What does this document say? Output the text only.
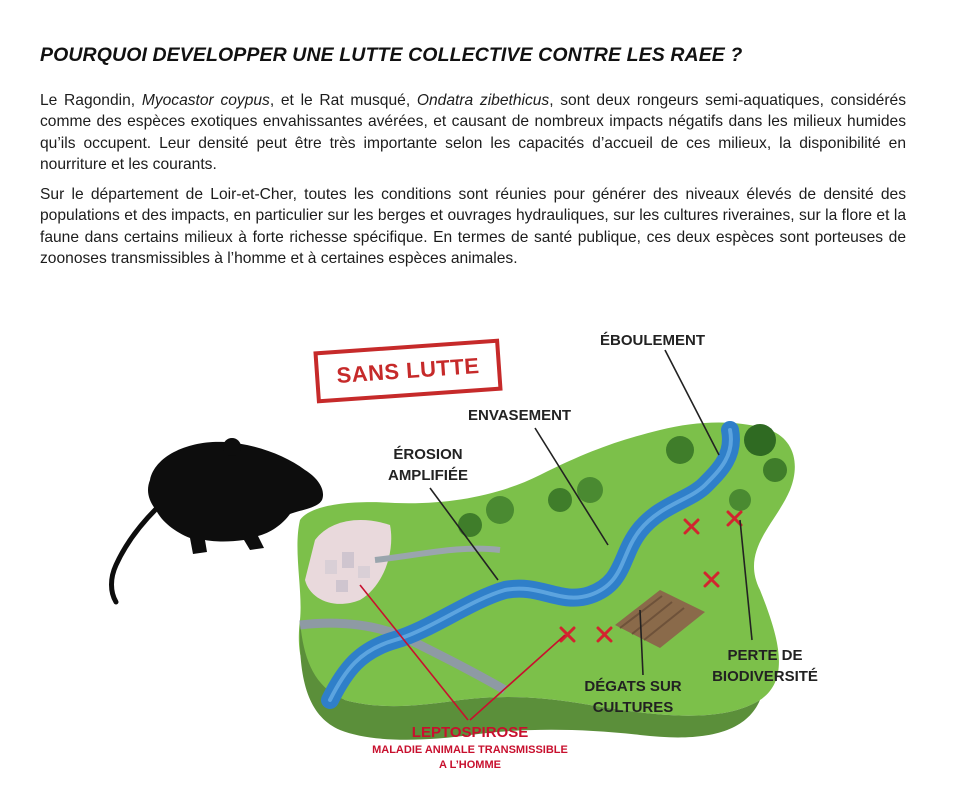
POURQUOI DEVELOPPER UNE LUTTE COLLECTIVE CONTRE LES RAEE ?

Le Ragondin, Myocastor coypus, et le Rat musqué, Ondatra zibethicus, sont deux rongeurs semi-aquatiques, considérés comme des espèces exotiques envahissantes avérées, et causant de nombreux impacts négatifs dans les milieux humides qu’ils occupent. Leur densité peut être très importante selon les capacités d’accueil de ces milieux, la disponibilité en nourriture et les courants.

Sur le département de Loir-et-Cher, toutes les conditions sont réunies pour générer des niveaux élevés de densité des populations et des impacts, en particulier sur les berges et ouvrages hydrauliques, sur les cultures riveraines, sur la flore et la faune dans certains milieux à forte richesse spécifique. En termes de santé publique, ces deux espèces sont porteuses de zoonoses transmissibles à l’homme et à certaines espèces animales.

SANS LUTTE
ÉBOULEMENT
ENVASEMENT
ÉROSION
AMPLIFIÉE
PERTE DE
BIODIVERSITÉ
DÉGATS SUR
CULTURES
LEPTOSPIROSE
MALADIE ANIMALE TRANSMISSIBLE
A L’HOMME
